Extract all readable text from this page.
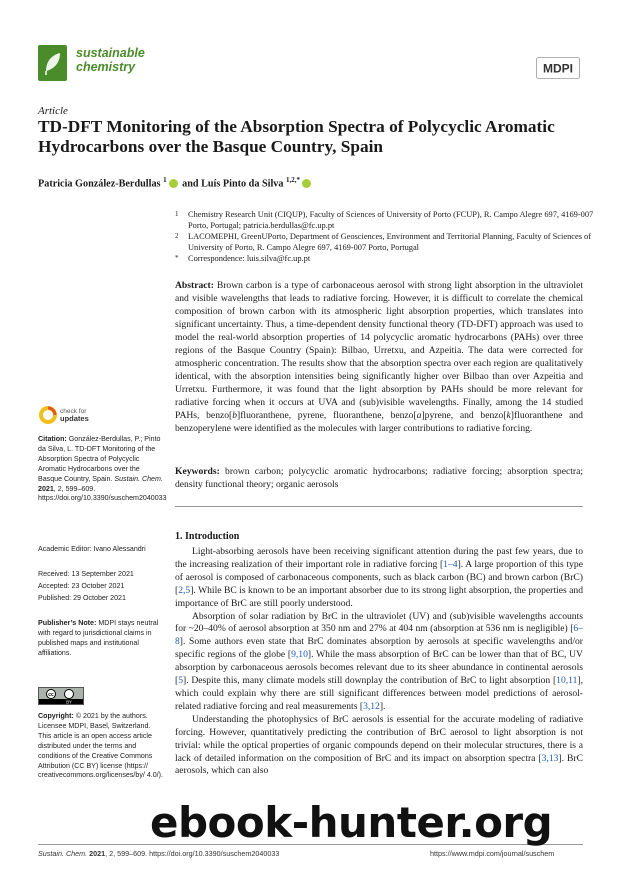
sustainable
chemistry	MDPI
Article
TD-DFT Monitoring of the Absorption Spectra of Polycyclic Aromatic Hydrocarbons over the Basque Country, Spain
Patricia González-Berdullas $^1$ and Luís Pinto da Silva $^{1,2,*}$
1 Chemistry Research Unit (CIQUP), Faculty of Sciences of University of Porto (FCUP), R. Campo Alegre 697, 4169-007 Porto, Portugal; patricia.berdullas@fc.up.pt
2 LACOMEPHI, GreenUPorto, Department of Geosciences, Environment and Territorial Planning, Faculty of Sciences of University of Porto, R. Campo Alegre 697, 4169-007 Porto, Portugal
* Correspondence: luis.silva@fc.up.pt
Abstract: Brown carbon is a type of carbonaceous aerosol with strong light absorption in the ultraviolet and visible wavelengths that leads to radiative forcing. However, it is difficult to correlate the chemical composition of brown carbon with its atmospheric light absorption properties, which translates into significant uncertainty. Thus, a time-dependent density functional theory (TD-DFT) approach was used to model the real-world absorption properties of 14 polycyclic aromatic hydrocarbons (PAHs) over three regions of the Basque Country (Spain): Bilbao, Urretxu, and Azpeitia. The data were corrected for atmospheric concentration. The results show that the absorption spectra over each region are qualitatively identical, with the absorption intensities being significantly higher over Bilbao than over Azpeitia and Urretxu. Furthermore, it was found that the light absorption by PAHs should be more relevant for radiative forcing when it occurs at UVA and (sub)visible wavelengths. Finally, among the 14 studied PAHs, benzo[b]fluoranthene, pyrene, fluoranthene, benzo[a]pyrene, and benzo[k]fluoranthene and benzoperylene were identified as the molecules with larger contributions to radiative forcing.
Keywords: brown carbon; polycyclic aromatic hydrocarbons; radiative forcing; absorption spectra; density functional theory; organic aerosols
check for
updates
Citation: González-Berdullas, P.; Pinto da Silva, L. TD-DFT Monitoring of the Absorption Spectra of Polycyclic Aromatic Hydrocarbons over the Basque Country, Spain. Sustain. Chem. 2021, 2, 599–609. https://doi.org/10.3390/suschem2040033
Academic Editor: Ivano Alessandri
Received: 13 September 2021
Accepted: 23 October 2021
Published: 29 October 2021
Publisher’s Note: MDPI stays neutral with regard to jurisdictional claims in published maps and institutional affiliations.
cc
BY
Copyright: © 2021 by the authors. Licensee MDPI, Basel, Switzerland. This article is an open access article distributed under the terms and conditions of the Creative Commons Attribution (CC BY) license (https:// creativecommons.org/licenses/by/ 4.0/).
1. Introduction

Light-absorbing aerosols have been receiving significant attention during the past few years, due to the increasing realization of their important role in radiative forcing [1–4]. A large proportion of this type of aerosol is composed of carbonaceous components, such as black carbon (BC) and brown carbon (BrC) [2,5]. While BC is known to be an important absorber due to its strong light absorption, the properties and importance of BrC are still poorly understood.

Absorption of solar radiation by BrC in the ultraviolet (UV) and (sub)visible wavelengths accounts for ~20–40% of aerosol absorption at 350 nm and 27% at 404 nm (absorption at 536 nm is negligible) [6–8]. Some authors even state that BrC dominates absorption by aerosols at specific wavelengths and/or specific regions of the globe [9,10]. While the mass absorption of BrC can be lower than that of BC, UV absorption by carbonaceous aerosols becomes relevant due to its sheer abundance in continental aerosols [5]. Despite this, many climate models still downplay the contribution of BrC to light absorption [10,11], which could explain why there are still significant differences between model predictions of aerosol-related radiative forcing and real measurements [3,12].

Understanding the photophysics of BrC aerosols is essential for the accurate modeling of radiative forcing. However, quantitatively predicting the contribution of BrC aerosol to light absorption is not trivial: while the optical properties of organic compounds depend on their molecular structures, there is a lack of detailed information on the composition of BrC and its impact on absorption spectra [3,13]. BrC aerosols, which can also

Sustain. Chem. 2021, 2, 599–609. https://doi.org/10.3390/suschem2040033	https://www.mdpi.com/journal/suschem
ebook-hunter.org
